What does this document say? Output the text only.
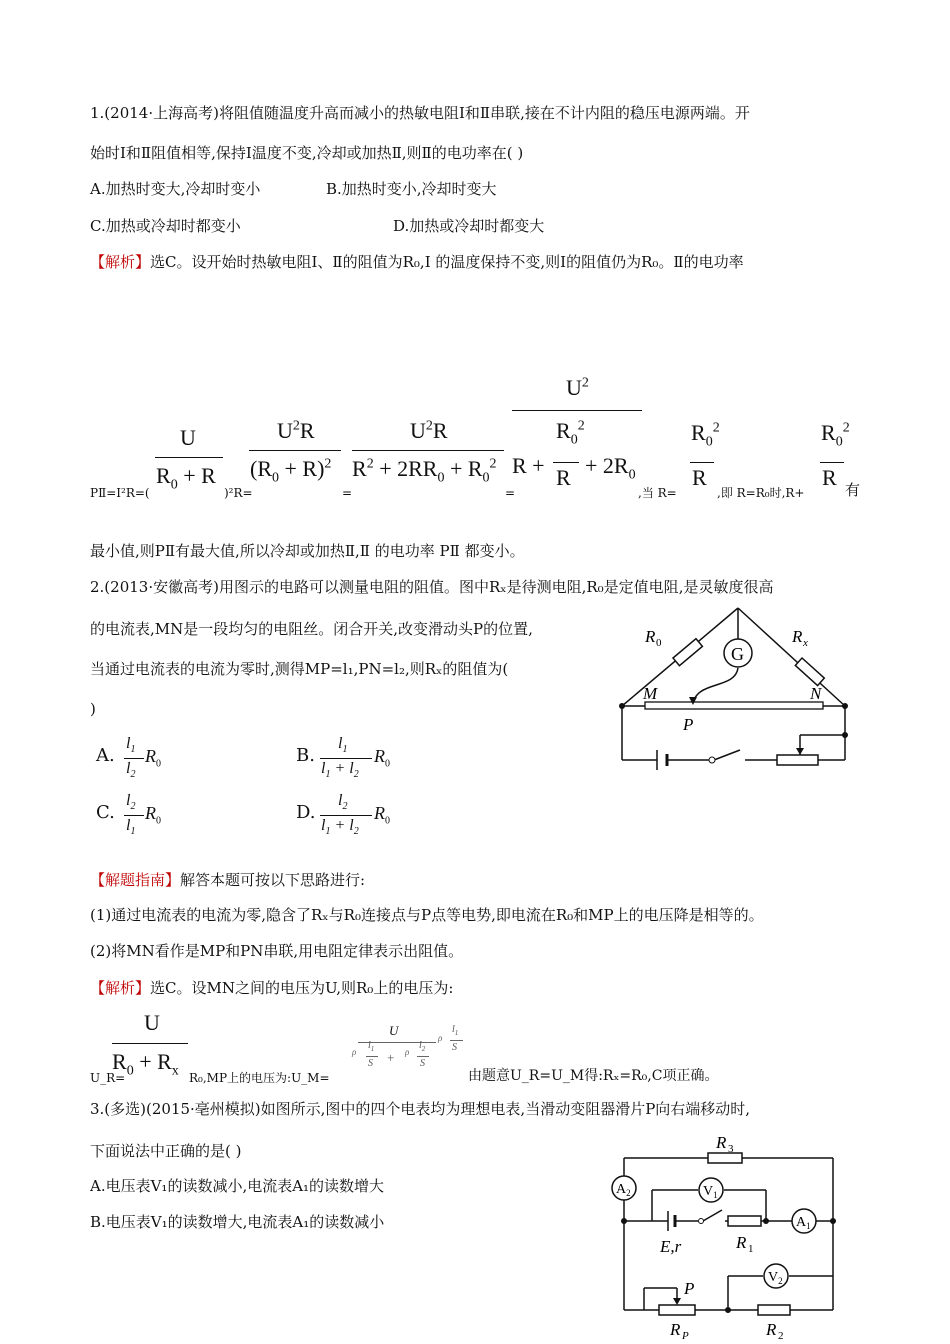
1.(2014·上海高考)将阻值随温度升高而减小的热敏电阻Ⅰ和Ⅱ串联,接在不计内阻的稳压电源两端。开
始时Ⅰ和Ⅱ阻值相等,保持Ⅰ温度不变,冷却或加热Ⅱ,则Ⅱ的电功率在( )
A.加热时变大,冷却时变小	B.加热时变小,冷却时变大
C.加热或冷却时都变小	D.加热或冷却时都变大
【解析】选C。设开始时热敏电阻Ⅰ、Ⅱ的阻值为R₀,Ⅰ 的温度保持不变,则Ⅰ的阻值仍为R₀。Ⅱ的电功率
PⅡ=I²R=(
U
$R_0 + R$
)²R=
$U^2R$
$(R_0 + R)^2$
=
$U^2R$
$R^2 + 2RR_0 + R_0^2$
=
$U^2$
$R_0^2$
$R + R + 2R_0$
,当 R=
$R_0^2$
R
,即 R=R₀时,R+
$R_0^2$
R 有
最小值,则PⅡ有最大值,所以冷却或加热Ⅱ,Ⅱ 的电功率 PⅡ 都变小。
2.(2013·安徽高考)用图示的电路可以测量电阻的阻值。图中Rₓ是待测电阻,R₀是定值电阻,是灵敏度很高
的电流表,MN是一段均匀的电阻丝。闭合开关,改变滑动头P的位置,
当通过电流表的电流为零时,测得MP=l₁,PN=l₂,则Rₓ的阻值为(
)
A.
$l_1$
$l_2$
$R_0$	B.
$l_1$
$l_1 + l_2$
$R_0$
C.
$l_2$
$l_1$
$R_0$	D.
$l_2$
$l_1 + l_2$
$R_0$
G
R 0	R x
M	N
P
【解题指南】解答本题可按以下思路进行:
(1)通过电流表的电流为零,隐含了Rₓ与R₀连接点与P点等电势,即电流在R₀和MP上的电压降是相等的。
(2)将MN看作是MP和PN串联,用电阻定律表示出阻值。
【解析】选C。设MN之间的电压为U,则R₀上的电压为:
U_R=
U
$R_0 + R_x$ R₀,MP上的电压为:U_M=
U
ρ
$l_1$
S + ρ
$l_2$
S
ρ
$l_1$
S
由题意U_R=U_M得:Rₓ=R₀,C项正确。
3.(多选)(2015·亳州模拟)如图所示,图中的四个电表均为理想电表,当滑动变阻器滑片P向右端移动时,
下面说法中正确的是( )
A.电压表V₁的读数减小,电流表A₁的读数增大
B.电压表V₁的读数增大,电流表A₁的读数减小
$A_2$	$V_1$
$A_1$
$V_2$
R 3
E,r	R 1
P
R P	R 2
